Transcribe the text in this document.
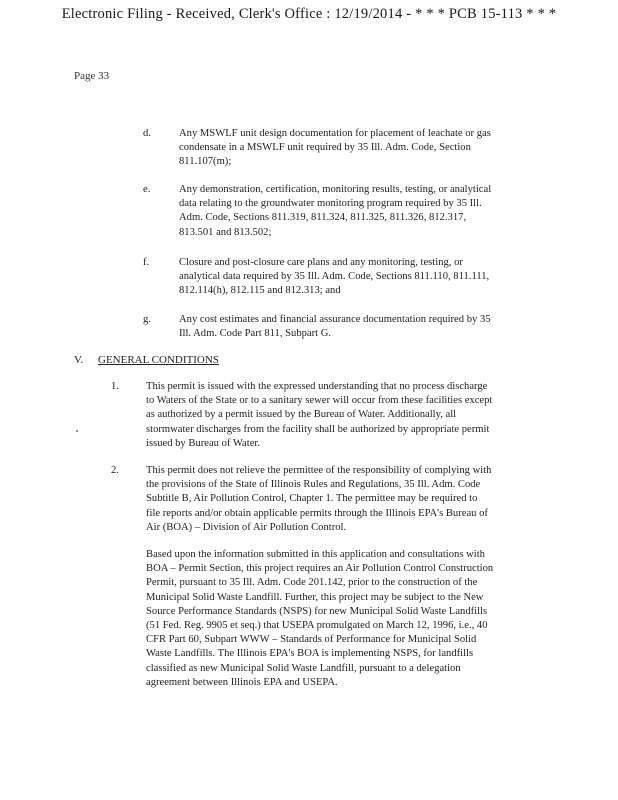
Electronic Filing - Received, Clerk's Office : 12/19/2014 - * * * PCB 15-113 * * *
Page 33
d.	Any MSWLF unit design documentation for placement of leachate or gas
condensate in a MSWLF unit required by 35 Ill. Adm. Code, Section
811.107(m);
e.	Any demonstration, certification, monitoring results, testing, or analytical
data relating to the groundwater monitoring program required by 35 Ill.
Adm. Code, Sections 811.319, 811.324, 811.325, 811.326, 812.317,
813.501 and 813.502;
f.	Closure and post-closure care plans and any monitoring, testing, or
analytical data required by 35 Ill. Adm. Code, Sections 811.110, 811.111,
812.114(h), 812.115 and 812.313; and
g.	Any cost estimates and financial assurance documentation required by 35
Ill. Adm. Code Part 811, Subpart G.
V. GENERAL CONDITIONS
1.	This permit is issued with the expressed understanding that no process discharge
to Waters of the State or to a sanitary sewer will occur from these facilities except
as authorized by a permit issued by the Bureau of Water. Additionally, all
stormwater discharges from the facility shall be authorized by appropriate permit
issued by Bureau of Water.
2.	This permit does not relieve the permittee of the responsibility of complying with
the provisions of the State of Illinois Rules and Regulations, 35 Ill. Adm. Code
Subtitle B, Air Pollution Control, Chapter 1. The permittee may be required to
file reports and/or obtain applicable permits through the Illinois EPA's Bureau of
Air (BOA) – Division of Air Pollution Control.
Based upon the information submitted in this application and consultations with
BOA – Permit Section, this project requires an Air Pollution Control Construction
Permit, pursuant to 35 Ill. Adm. Code 201.142, prior to the construction of the
Municipal Solid Waste Landfill. Further, this project may be subject to the New
Source Performance Standards (NSPS) for new Municipal Solid Waste Landfills
(51 Fed. Reg. 9905 et seq.) that USEPA promulgated on March 12, 1996, i.e., 40
CFR Part 60, Subpart WWW – Standards of Performance for Municipal Solid
Waste Landfills. The Illinois EPA's BOA is implementing NSPS, for landfills
classified as new Municipal Solid Waste Landfill, pursuant to a delegation
agreement between Illinois EPA and USEPA.
